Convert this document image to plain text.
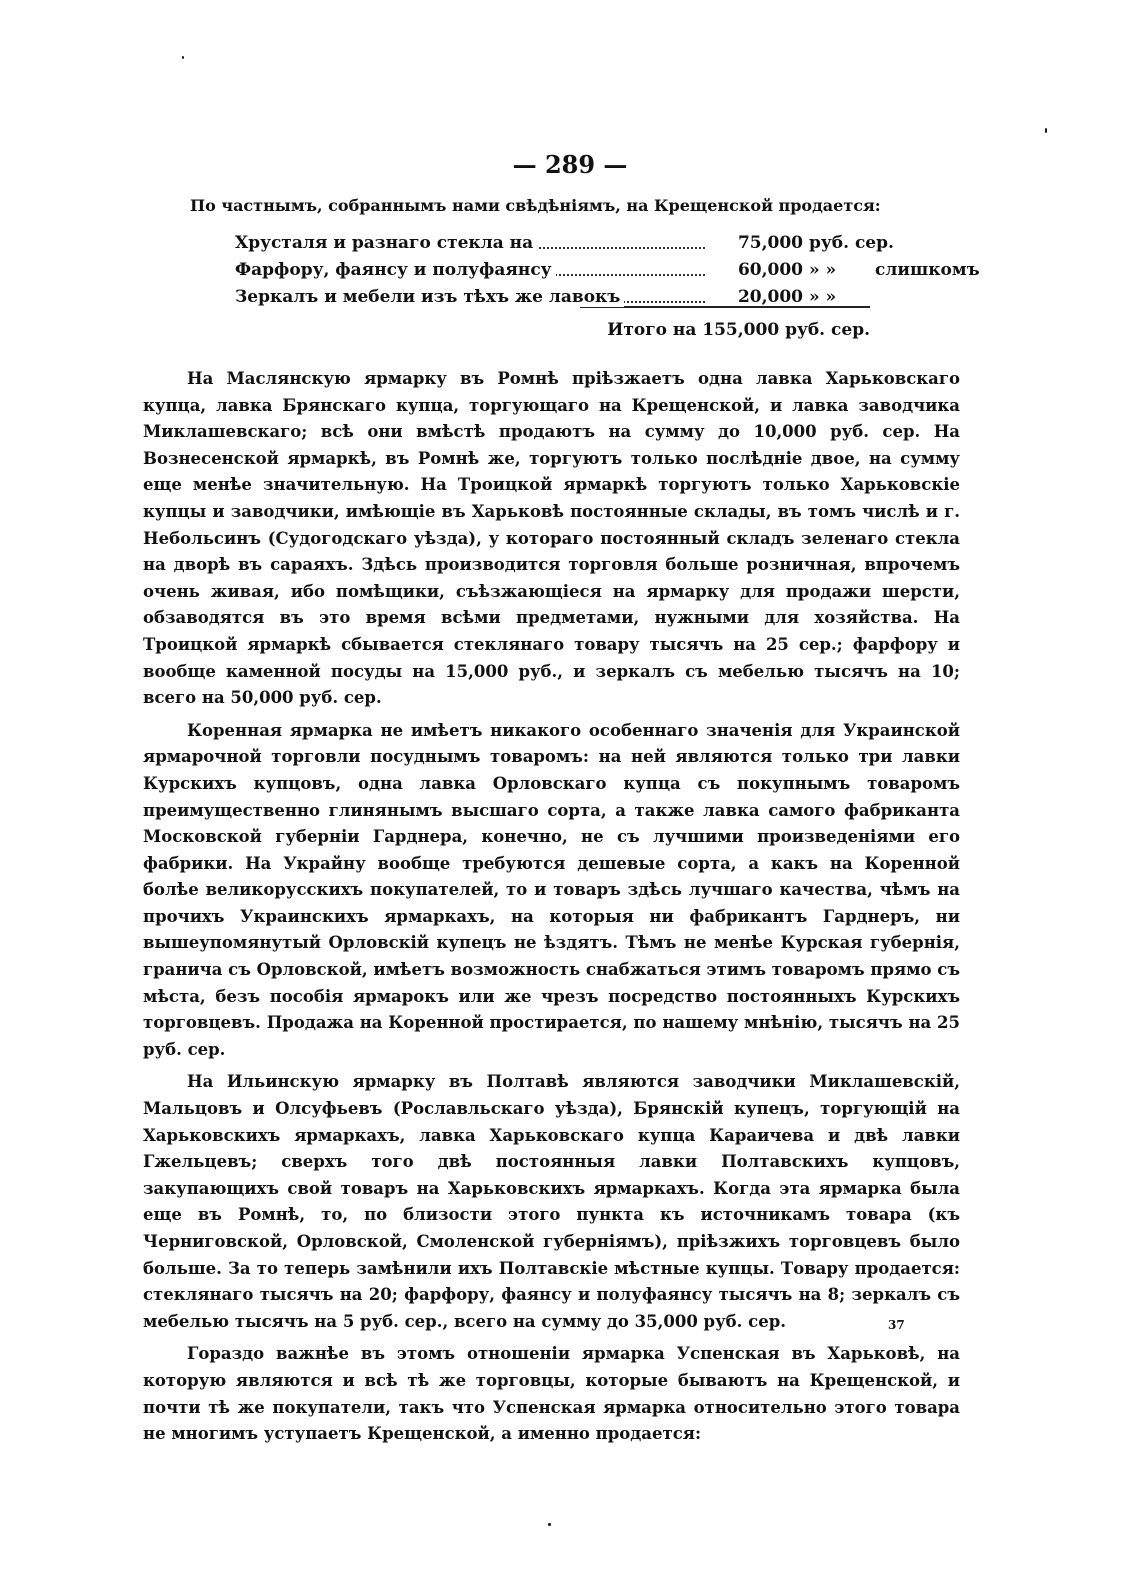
— 289 —
По частнымъ, собраннымъ нами свѣдѣніямъ, на Крещенской продается:
Хрусталя и разнаго стекла на	75,000 руб. сер.
Фарфору, фаянсу и полуфаянсу	60,000 » »	слишкомъ
Зеркалъ и мебели изъ тѣхъ же лавокъ	20,000 » »
Итого на 155,000 руб. сер.

На Маслянскую ярмарку въ Ромнѣ пріѣзжаетъ одна лавка Харьковскаго купца, лавка Брянскаго купца, торгующаго на Крещенской, и лавка заводчика Миклашевскаго; всѣ они вмѣстѣ продаютъ на сумму до 10,000 руб. сер. На Вознесенской ярмаркѣ, въ Ромнѣ же, торгуютъ только послѣдніе двое, на сумму еще менѣе значительную. На Троицкой ярмаркѣ торгуютъ только Харьковскіе купцы и заводчики, имѣющіе въ Харьковѣ постоянные склады, въ томъ числѣ и г. Небольсинъ (Судогодскаго уѣзда), у котораго постоянный складъ зеленаго стекла на дворѣ въ сараяхъ. Здѣсь производится торговля больше розничная, впрочемъ очень живая, ибо помѣщики, съѣзжающіеся на ярмарку для продажи шерсти, обзаводятся въ это время всѣми предметами, нужными для хозяйства. На Троицкой ярмаркѣ сбывается стеклянаго товару тысячъ на 25 сер.; фарфору и вообще каменной посуды на 15,000 руб., и зеркалъ съ мебелью тысячъ на 10; всего на 50,000 руб. сер.

Коренная ярмарка не имѣетъ никакого особеннаго значенія для Украинской ярмарочной торговли посуднымъ товаромъ: на ней являются только три лавки Курскихъ купцовъ, одна лавка Орловскаго купца съ покупнымъ товаромъ преимущественно глинянымъ высшаго сорта, а также лавка самого фабриканта Московской губерніи Гарднера, конечно, не съ лучшими произведеніями его фабрики. На Украйну вообще требуются дешевые сорта, а какъ на Коренной болѣе великорусскихъ покупателей, то и товаръ здѣсь лучшаго качества, чѣмъ на прочихъ Украинскихъ ярмаркахъ, на которыя ни фабрикантъ Гарднеръ, ни вышеупомянутый Орловскій купецъ не ѣздятъ. Тѣмъ не менѣе Курская губернія, гранича съ Орловской, имѣетъ возможность снабжаться этимъ товаромъ прямо съ мѣста, безъ пособія ярмарокъ или же чрезъ посредство постоянныхъ Курскихъ торговцевъ. Продажа на Коренной простирается, по нашему мнѣнію, тысячъ на 25 руб. сер.

На Ильинскую ярмарку въ Полтавѣ являются заводчики Миклашевскій, Мальцовъ и Олсуфьевъ (Рославльскаго уѣзда), Брянскій купецъ, торгующій на Харьковскихъ ярмаркахъ, лавка Харьковскаго купца Караичева и двѣ лавки Гжельцевъ; сверхъ того двѣ постоянныя лавки Полтавскихъ купцовъ, закупающихъ свой товаръ на Харьковскихъ ярмаркахъ. Когда эта ярмарка была еще въ Ромнѣ, то, по близости этого пункта къ источникамъ товара (къ Черниговской, Орловской, Смоленской губерніямъ), пріѣзжихъ торговцевъ было больше. За то теперь замѣнили ихъ Полтавскіе мѣстные купцы. Товару продается: стеклянаго тысячъ на 20; фарфору, фаянсу и полуфаянсу тысячъ на 8; зеркалъ съ мебелью тысячъ на 5 руб. сер., всего на сумму до 35,000 руб. сер.

Гораздо важнѣе въ этомъ отношеніи ярмарка Успенская въ Харьковѣ, на которую являются и всѣ тѣ же торговцы, которые бываютъ на Крещенской, и почти тѣ же покупатели, такъ что Успенская ярмарка относительно этого товара не многимъ уступаетъ Крещенской, а именно продается:

37
